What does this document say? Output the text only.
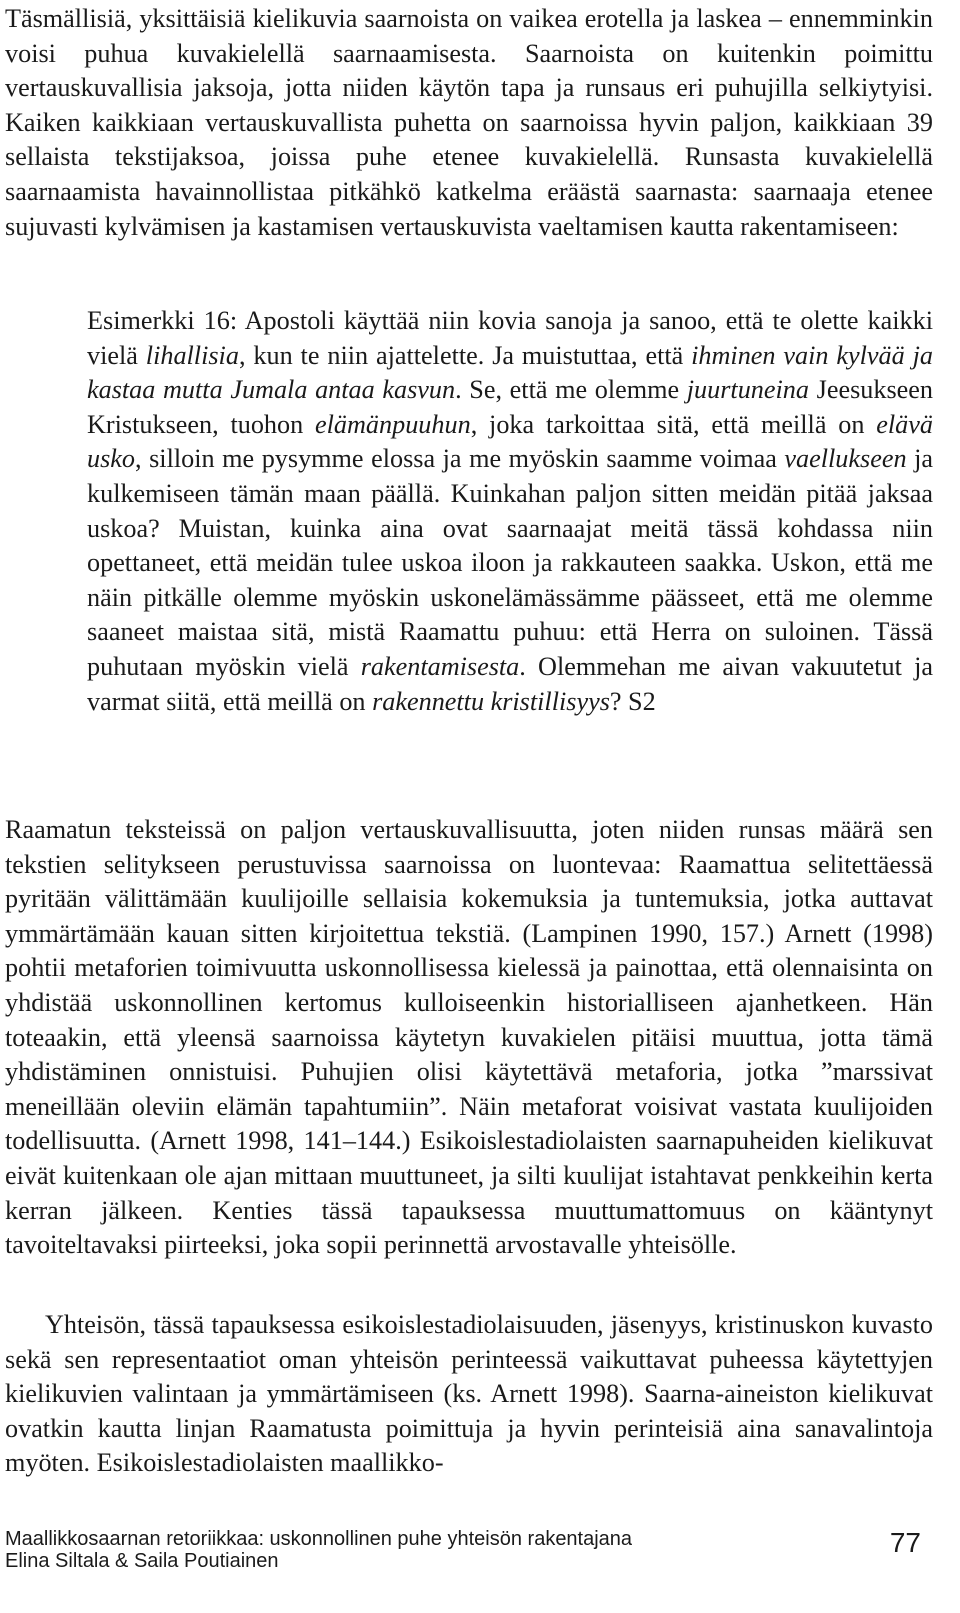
Täsmällisiä, yksittäisiä kielikuvia saarnoista on vaikea erotella ja laskea – ennemminkin voisi puhua kuvakielellä saarnaamisesta. Saarnoista on kuitenkin poimittu vertauskuvallisia jaksoja, jotta niiden käytön tapa ja runsaus eri puhujilla selkiytyisi. Kaiken kaikkiaan vertauskuvallista puhetta on saarnoissa hyvin paljon, kaikkiaan 39 sellaista tekstijaksoa, joissa puhe etenee kuvakielellä. Runsasta kuvakielellä saarnaamista havainnollistaa pitkähkö katkelma eräästä saarnasta: saarnaaja etenee sujuvasti kylvämisen ja kastamisen vertauskuvista vaeltamisen kautta rakentamiseen:

Esimerkki 16: Apostoli käyttää niin kovia sanoja ja sanoo, että te olette kaikki vielä lihallisia, kun te niin ajattelette. Ja muistuttaa, että ihminen vain kylvää ja kastaa mutta Jumala antaa kasvun. Se, että me olemme juurtuneina Jeesukseen Kristukseen, tuohon elämänpuuhun, joka tarkoittaa sitä, että meillä on elävä usko, silloin me pysymme elossa ja me myöskin saamme voimaa vaellukseen ja kulkemiseen tämän maan päällä. Kuinkahan paljon sitten meidän pitää jaksaa uskoa? Muistan, kuinka aina ovat saarnaajat meitä tässä kohdassa niin opettaneet, että meidän tulee uskoa iloon ja rakkauteen saakka. Uskon, että me näin pitkälle olemme myöskin uskonelämässämme päässeet, että me olemme saaneet maistaa sitä, mistä Raamattu puhuu: että Herra on suloinen. Tässä puhutaan myöskin vielä rakentamisesta. Olemmehan me aivan vakuutetut ja varmat siitä, että meillä on rakennettu kristillisyys? S2

Raamatun teksteissä on paljon vertauskuvallisuutta, joten niiden runsas määrä sen tekstien selitykseen perustuvissa saarnoissa on luontevaa: Raamattua selitettäessä pyritään välittämään kuulijoille sellaisia kokemuksia ja tuntemuksia, jotka auttavat ymmärtämään kauan sitten kirjoitettua tekstiä. (Lampinen 1990, 157.) Arnett (1998) pohtii metaforien toimivuutta uskonnollisessa kielessä ja painottaa, että olennaisinta on yhdistää uskonnollinen kertomus kulloiseenkin historialliseen ajanhetkeen. Hän toteaakin, että yleensä saarnoissa käytetyn kuvakielen pitäisi muuttua, jotta tämä yhdistäminen onnistuisi. Puhujien olisi käytettävä metaforia, jotka ”marssivat meneillään oleviin elämän tapahtumiin”. Näin metaforat voisivat vastata kuulijoiden todellisuutta. (Arnett 1998, 141–144.) Esikoislestadiolaisten saarnapuheiden kielikuvat eivät kuitenkaan ole ajan mittaan muuttuneet, ja silti kuulijat istahtavat penkkeihin kerta kerran jälkeen. Kenties tässä tapauksessa muuttumattomuus on kääntynyt tavoiteltavaksi piirteeksi, joka sopii perinnettä arvostavalle yhteisölle.

Yhteisön, tässä tapauksessa esikoislestadiolaisuuden, jäsenyys, kristinuskon kuvasto sekä sen representaatiot oman yhteisön perinteessä vaikuttavat puheessa käytettyjen kielikuvien valintaan ja ymmärtämiseen (ks. Arnett 1998). Saarna-aineiston kielikuvat ovatkin kautta linjan Raamatusta poimittuja ja hyvin perinteisiä aina sanavalintoja myöten. Esikoislestadiolaisten maallikko-

Maallikkosaarnan retoriikkaa: uskonnollinen puhe yhteisön rakentajana
Elina Siltala & Saila Poutiainen
77
